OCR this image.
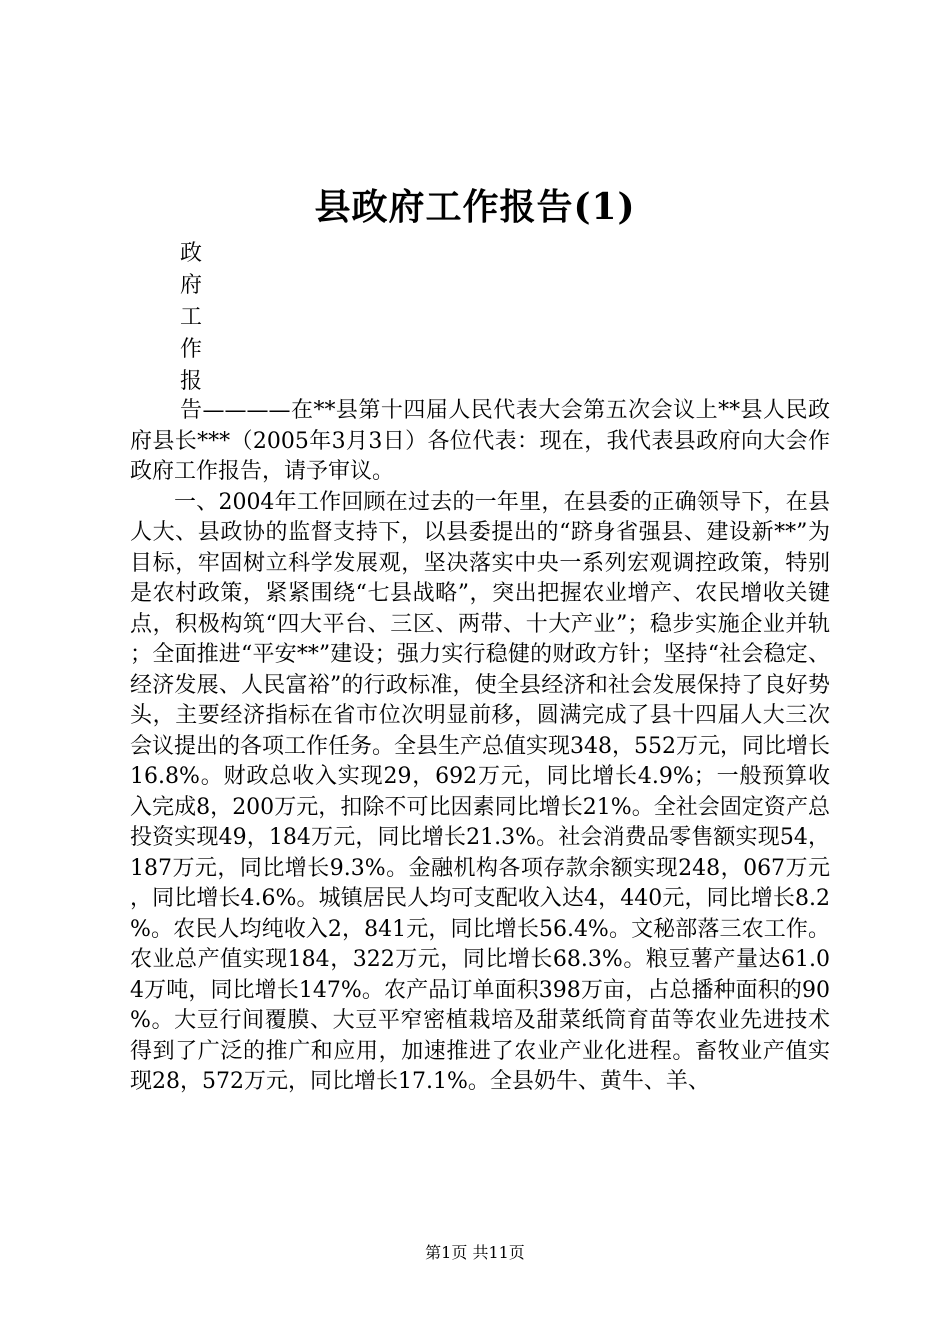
县政府工作报告(1)
政
府
工
作
报

告————在**县第十四届人民代表大会第五次会议上**县人民政府县长***（2005年3月3日）各位代表：现在，我代表县政府向大会作政府工作报告，请予审议。

一、2004年工作回顾在过去的一年里，在县委的正确领导下，在县人大、县政协的监督支持下，以县委提出的“跻身省强县、建设新**”为目标，牢固树立科学发展观，坚决落实中央一系列宏观调控政策，特别是农村政策，紧紧围绕“七县战略”，突出把握农业增产、农民增收关键点，积极构筑“四大平台、三区、两带、十大产业”；稳步实施企业并轨；全面推进“平安**”建设；强力实行稳健的财政方针；坚持“社会稳定、经济发展、人民富裕”的行政标准，使全县经济和社会发展保持了良好势头，主要经济指标在省市位次明显前移，圆满完成了县十四届人大三次会议提出的各项工作任务。全县生产总值实现348，552万元，同比增长16.8%。财政总收入实现29，692万元，同比增长4.9%；一般预算收入完成8，200万元，扣除不可比因素同比增长21%。全社会固定资产总投资实现49，184万元，同比增长21.3%。社会消费品零售额实现54，187万元，同比增长9.3%。金融机构各项存款余额实现248，067万元，同比增长4.6%。城镇居民人均可支配收入达4，440元，同比增长8.2%。农民人均纯收入2，841元，同比增长56.4%。文秘部落三农工作。农业总产值实现184，322万元，同比增长68.3%。粮豆薯产量达61.04万吨，同比增长147%。农产品订单面积398万亩，占总播种面积的90%。大豆行间覆膜、大豆平窄密植栽培及甜菜纸筒育苗等农业先进技术得到了广泛的推广和应用，加速推进了农业产业化进程。畜牧业产值实现28，572万元，同比增长17.1%。全县奶牛、黄牛、羊、

第1页 共11页
